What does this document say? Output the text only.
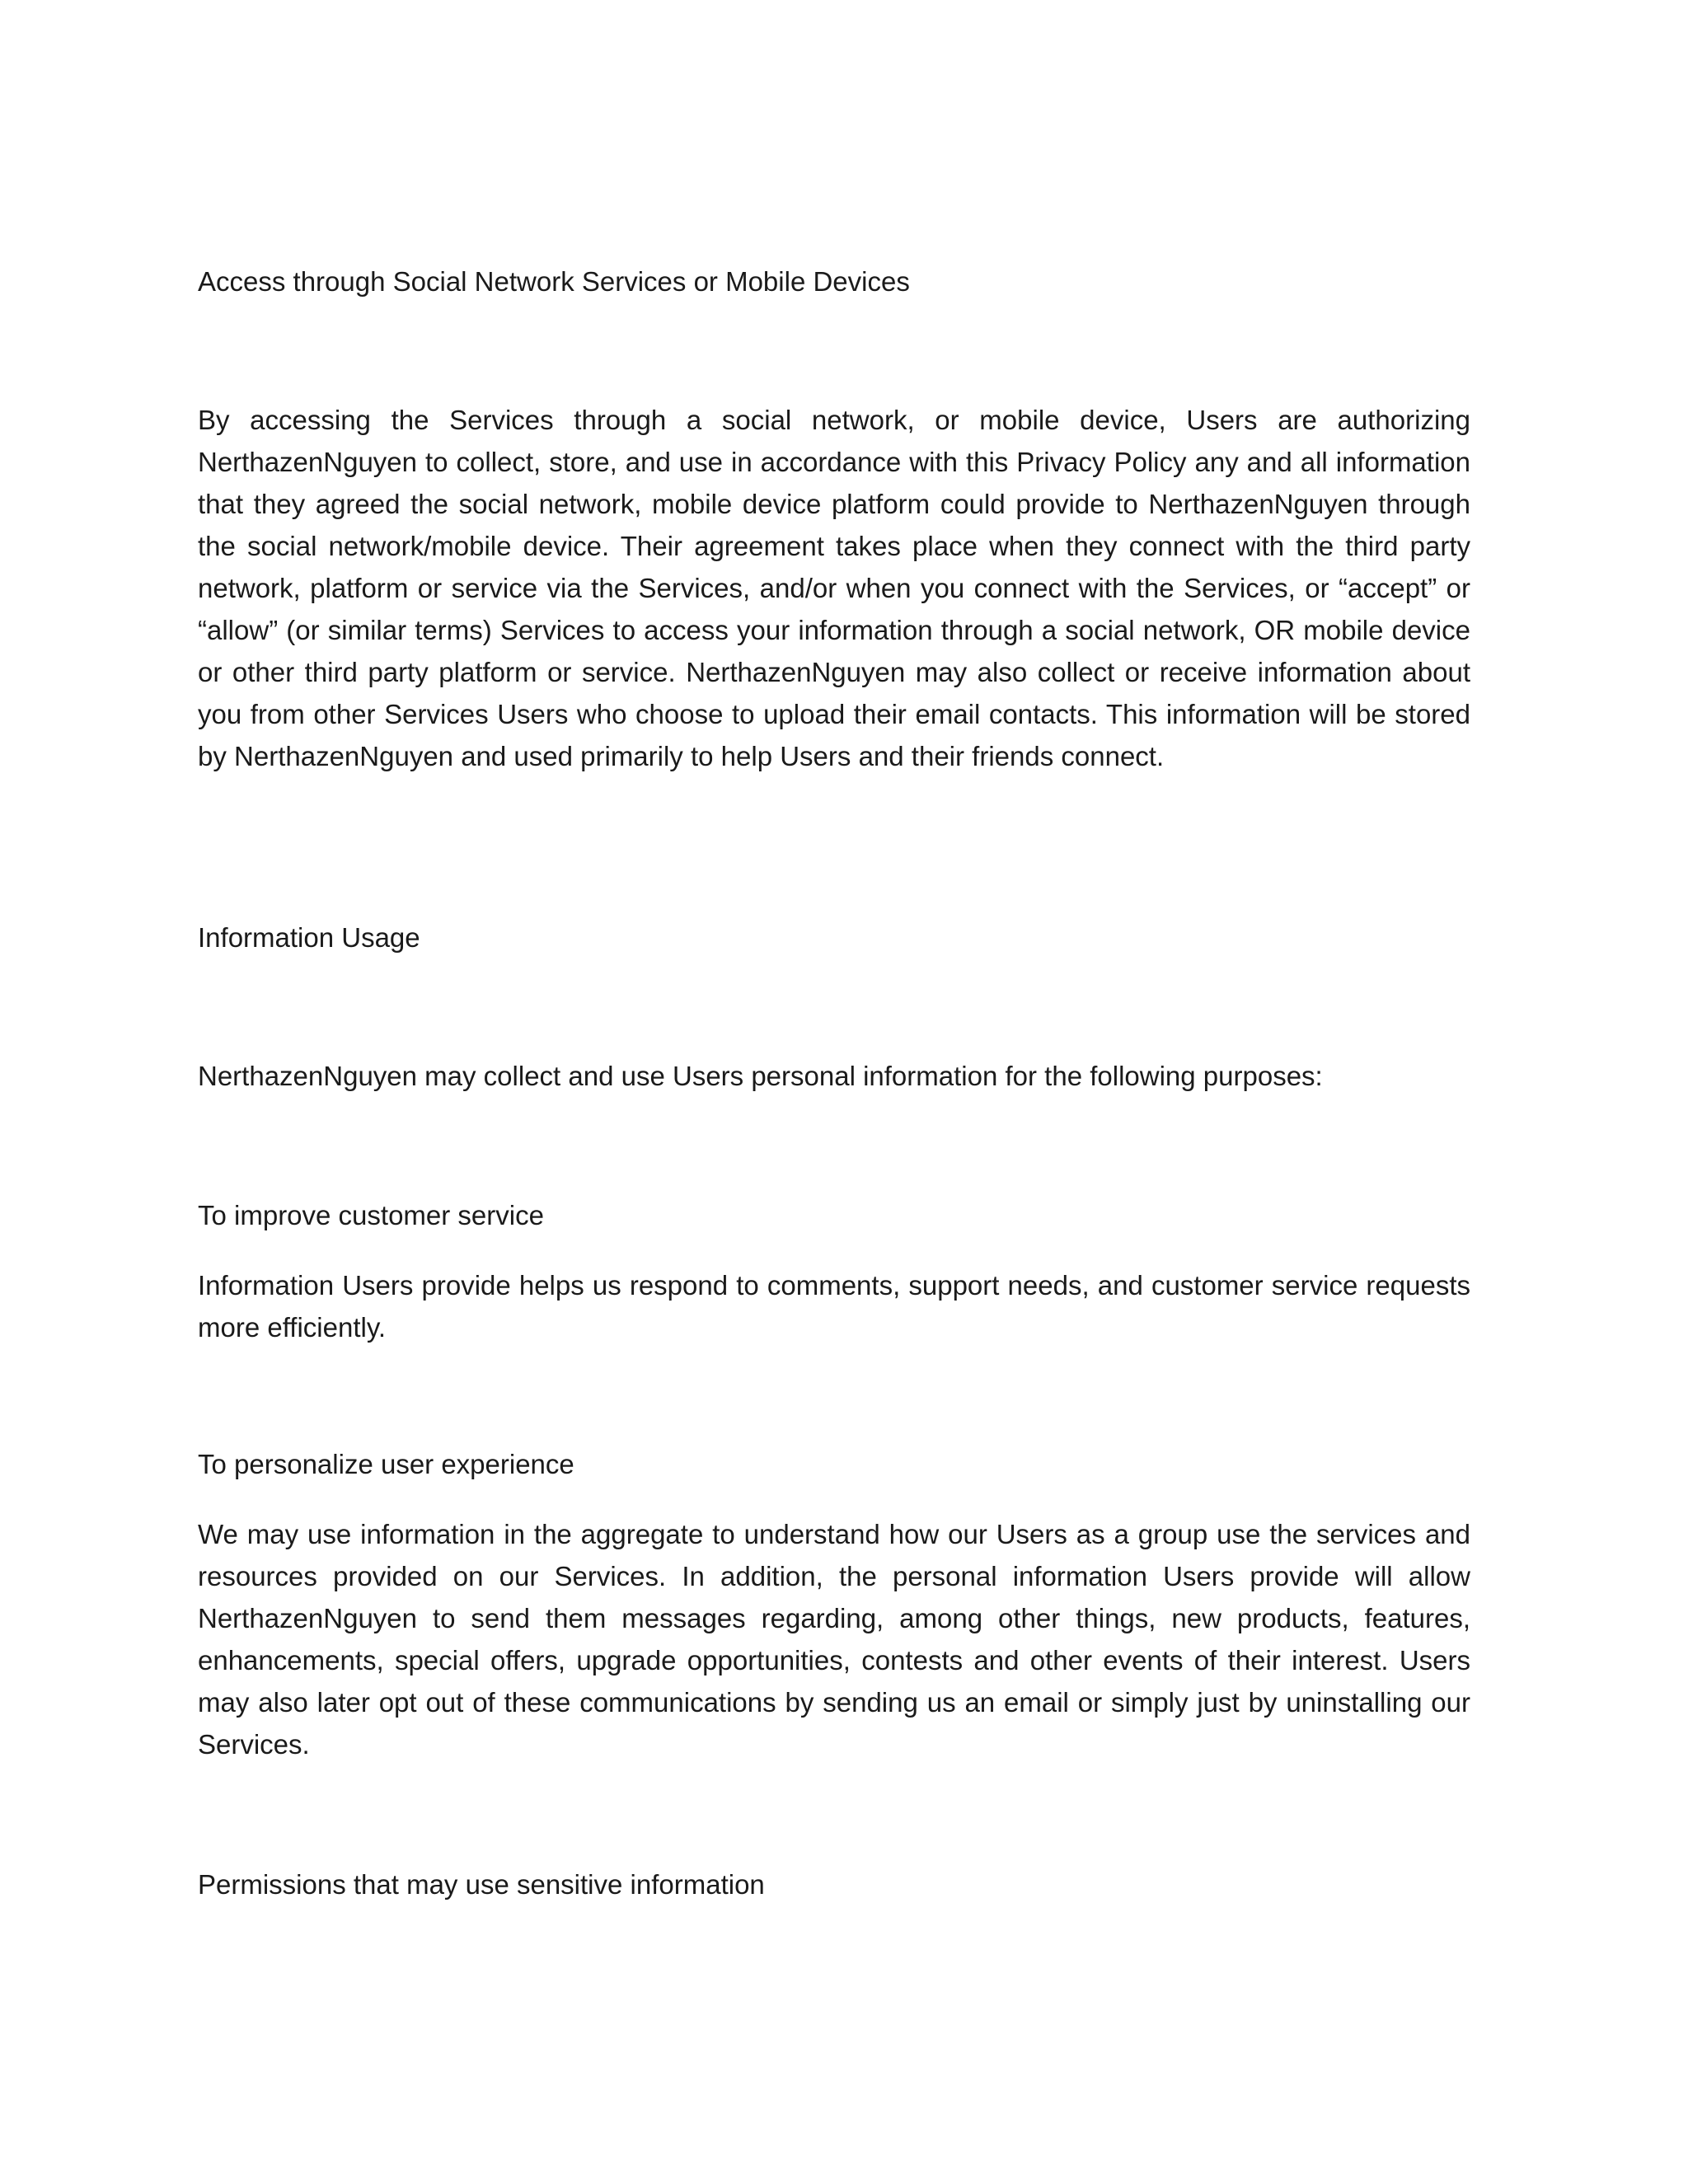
Access through Social Network Services or Mobile Devices

By accessing the Services through a social network, or mobile device, Users are authorizing NerthazenNguyen to collect, store, and use in accordance with this Privacy Policy any and all information that they agreed the social network, mobile device platform could provide to NerthazenNguyen through the social network/mobile device. Their agreement takes place when they connect with the third party network, platform or service via the Services, and/or when you connect with the Services, or “accept” or “allow” (or similar terms) Services to access your information through a social network, OR mobile device or other third party platform or service. NerthazenNguyen may also collect or receive information about you from other Services Users who choose to upload their email contacts. This information will be stored by NerthazenNguyen and used primarily to help Users and their friends connect.

Information Usage

NerthazenNguyen may collect and use Users personal information for the following purposes:

To improve customer service

Information Users provide helps us respond to comments, support needs, and customer service requests more efficiently.

To personalize user experience

We may use information in the aggregate to understand how our Users as a group use the services and resources provided on our Services. In addition, the personal information Users provide will allow NerthazenNguyen to send them messages regarding, among other things, new products, features, enhancements, special offers, upgrade opportunities, contests and other events of their interest. Users may also later opt out of these communications by sending us an email or simply just by uninstalling our Services.

Permissions that may use sensitive information
